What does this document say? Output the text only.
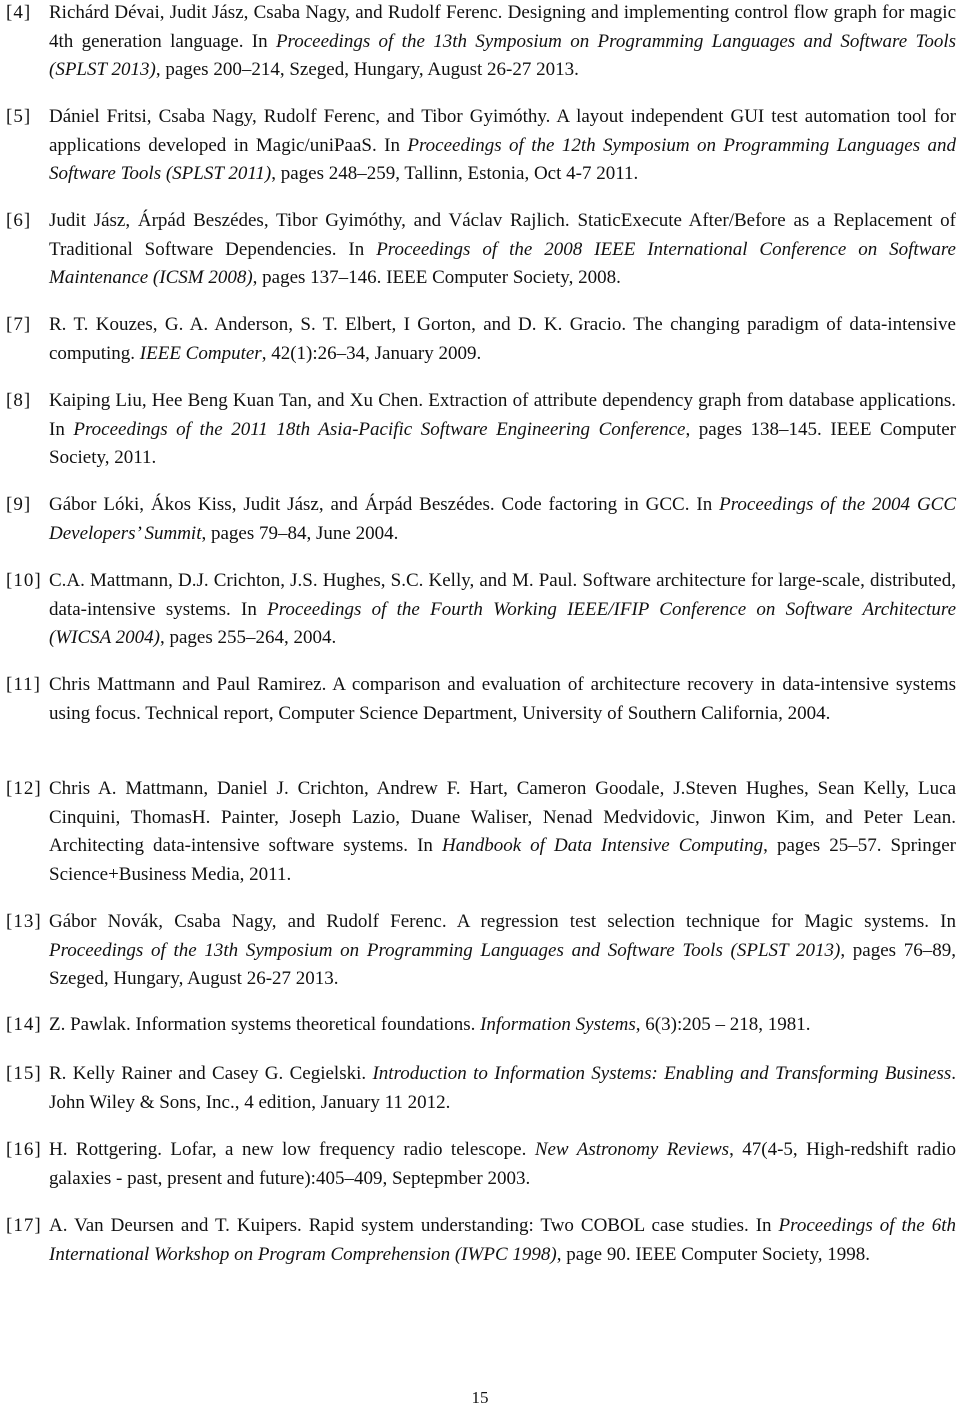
[4] Richárd Dévai, Judit Jász, Csaba Nagy, and Rudolf Ferenc. Designing and implementing control flow graph for magic 4th generation language. In Proceedings of the 13th Symposium on Programming Languages and Software Tools (SPLST 2013), pages 200–214, Szeged, Hungary, August 26-27 2013.
[5] Dániel Fritsi, Csaba Nagy, Rudolf Ferenc, and Tibor Gyimóthy. A layout independent GUI test automation tool for applications developed in Magic/uniPaaS. In Proceedings of the 12th Symposium on Programming Languages and Software Tools (SPLST 2011), pages 248–259, Tallinn, Estonia, Oct 4-7 2011.
[6] Judit Jász, Árpád Beszédes, Tibor Gyimóthy, and Václav Rajlich. StaticExecute After/Before as a Replacement of Traditional Software Dependencies. In Proceedings of the 2008 IEEE International Conference on Software Maintenance (ICSM 2008), pages 137–146. IEEE Computer Society, 2008.
[7] R. T. Kouzes, G. A. Anderson, S. T. Elbert, I Gorton, and D. K. Gracio. The changing paradigm of data-intensive computing. IEEE Computer, 42(1):26–34, January 2009.
[8] Kaiping Liu, Hee Beng Kuan Tan, and Xu Chen. Extraction of attribute dependency graph from database applications. In Proceedings of the 2011 18th Asia-Pacific Software Engineering Conference, pages 138–145. IEEE Computer Society, 2011.
[9] Gábor Lóki, Ákos Kiss, Judit Jász, and Árpád Beszédes. Code factoring in GCC. In Proceedings of the 2004 GCC Developers’ Summit, pages 79–84, June 2004.
[10] C.A. Mattmann, D.J. Crichton, J.S. Hughes, S.C. Kelly, and M. Paul. Software architecture for large-scale, distributed, data-intensive systems. In Proceedings of the Fourth Working IEEE/IFIP Conference on Software Architecture (WICSA 2004), pages 255–264, 2004.
[11] Chris Mattmann and Paul Ramirez. A comparison and evaluation of architecture recovery in data-intensive systems using focus. Technical report, Computer Science Department, University of Southern California, 2004.
[12] Chris A. Mattmann, Daniel J. Crichton, Andrew F. Hart, Cameron Goodale, J.Steven Hughes, Sean Kelly, Luca Cinquini, ThomasH. Painter, Joseph Lazio, Duane Waliser, Nenad Medvidovic, Jinwon Kim, and Peter Lean. Architecting data-intensive software systems. In Handbook of Data Intensive Computing, pages 25–57. Springer Science+Business Media, 2011.
[13] Gábor Novák, Csaba Nagy, and Rudolf Ferenc. A regression test selection technique for Magic systems. In Proceedings of the 13th Symposium on Programming Languages and Software Tools (SPLST 2013), pages 76–89, Szeged, Hungary, August 26-27 2013.
[14] Z. Pawlak. Information systems theoretical foundations. Information Systems, 6(3):205 – 218, 1981.
[15] R. Kelly Rainer and Casey G. Cegielski. Introduction to Information Systems: Enabling and Transforming Business. John Wiley & Sons, Inc., 4 edition, January 11 2012.
[16] H. Rottgering. Lofar, a new low frequency radio telescope. New Astronomy Reviews, 47(4-5, High-redshift radio galaxies - past, present and future):405–409, Septepmber 2003.
[17] A. Van Deursen and T. Kuipers. Rapid system understanding: Two COBOL case studies. In Proceedings of the 6th International Workshop on Program Comprehension (IWPC 1998), page 90. IEEE Computer Society, 1998.
15
